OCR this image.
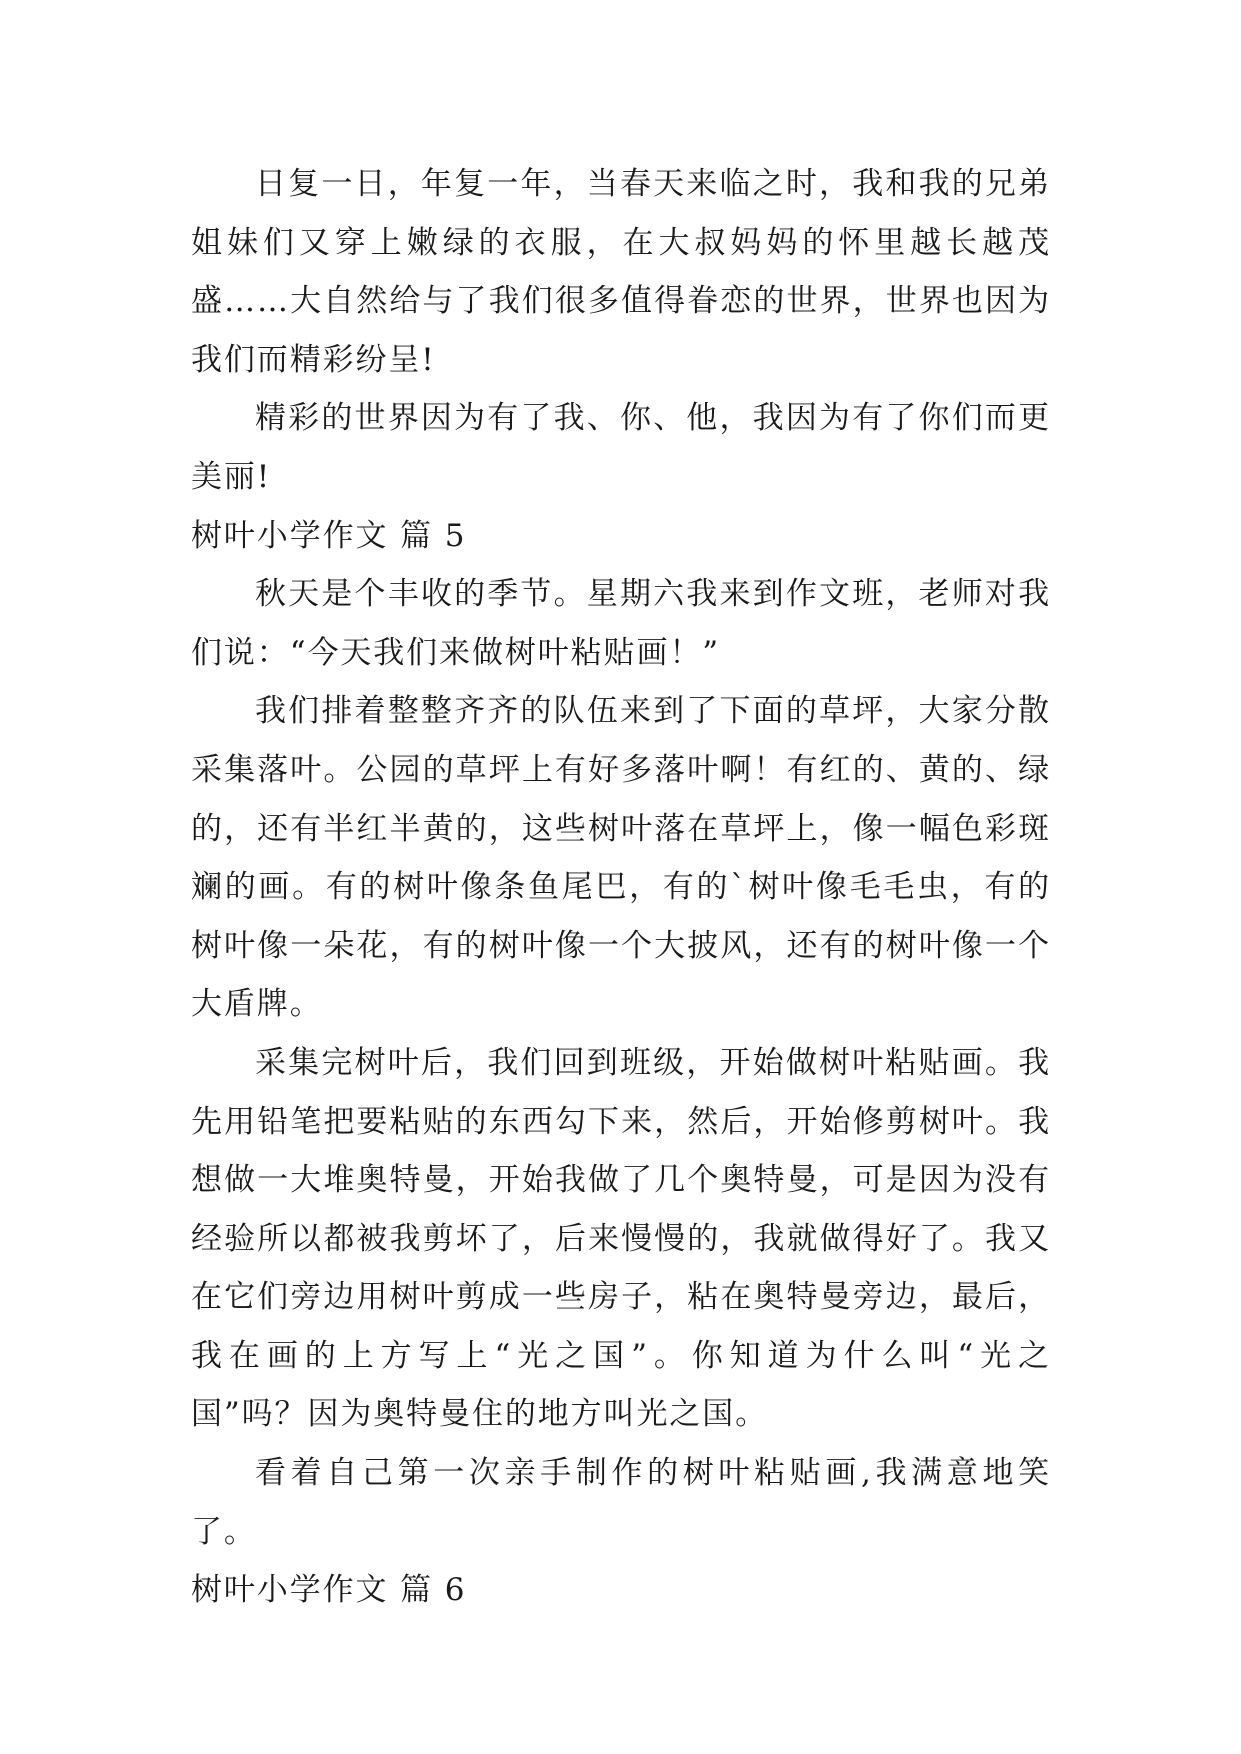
日复一日，年复一年，当春天来临之时，我和我的兄弟姐妹们又穿上嫩绿的衣服，在大叔妈妈的怀里越长越茂盛……大自然给与了我们很多值得眷恋的世界，世界也因为我们而精彩纷呈!

精彩的世界因为有了我、你、他，我因为有了你们而更美丽!

树叶小学作文 篇 5

秋天是个丰收的季节。星期六我来到作文班，老师对我们说：“今天我们来做树叶粘贴画！”

我们排着整整齐齐的队伍来到了下面的草坪，大家分散采集落叶。公园的草坪上有好多落叶啊！有红的、黄的、绿的，还有半红半黄的，这些树叶落在草坪上，像一幅色彩斑斓的画。有的树叶像条鱼尾巴，有的`树叶像毛毛虫，有的树叶像一朵花，有的树叶像一个大披风，还有的树叶像一个大盾牌。

采集完树叶后，我们回到班级，开始做树叶粘贴画。我先用铅笔把要粘贴的东西勾下来，然后，开始修剪树叶。我想做一大堆奥特曼，开始我做了几个奥特曼，可是因为没有经验所以都被我剪坏了，后来慢慢的，我就做得好了。我又在它们旁边用树叶剪成一些房子，粘在奥特曼旁边，最后，我在画的上方写上“光之国”。你知道为什么叫“光之国”吗？因为奥特曼住的地方叫光之国。

看着自己第一次亲手制作的树叶粘贴画,我满意地笑了。

树叶小学作文 篇 6
